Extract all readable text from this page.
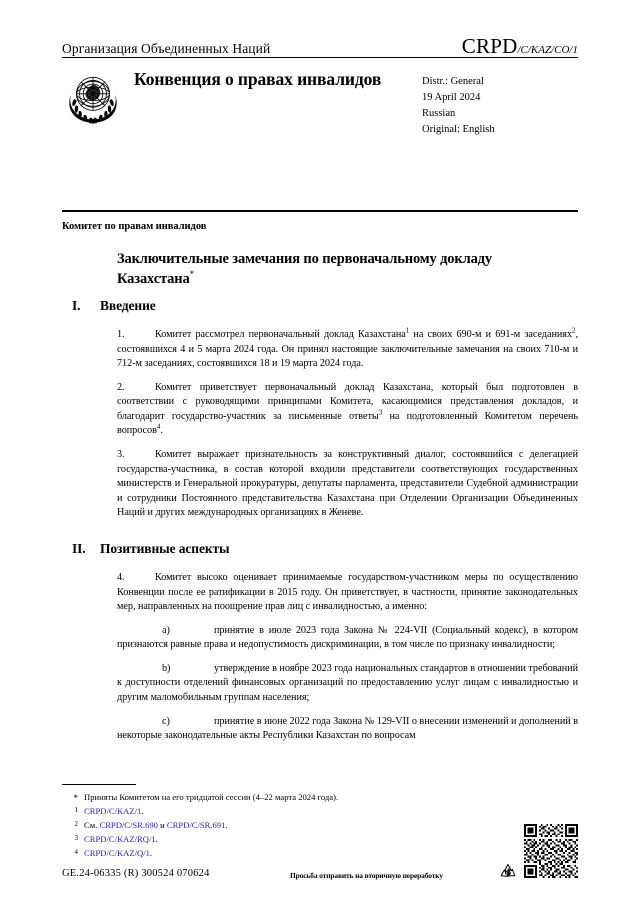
Организация Объединенных Наций	CRPD/C/KAZ/CO/1
Конвенция о правах инвалидов	Distr.: General
19 April 2024
Russian
Original: English
Комитет по правам инвалидов
Заключительные замечания по первоначальному докладу Казахстана*
I.	Введение

1.	Комитет рассмотрел первоначальный доклад Казахстана$^1$ на своих 690-м и 691-м заседаниях$^2$, состоявшихся 4 и 5 марта 2024 года. Он принял настоящие заключительные замечания на своих 710-м и 712-м заседаниях, состоявшихся 18 и 19 марта 2024 года.

2.	Комитет приветствует первоначальный доклад Казахстана, который был подготовлен в соответствии с руководящими принципами Комитета, касающимися представления докладов, и благодарит государство-участник за письменные ответы$^3$ на подготовленный Комитетом перечень вопросов$^4$.

3.	Комитет выражает признательность за конструктивный диалог, состоявшийся с делегацией государства-участника, в состав которой входили представители соответствующих государственных министерств и Генеральной прокуратуры, депутаты парламента, представители Судебной администрации и сотрудники Постоянного представительства Казахстана при Отделении Организации Объединенных Наций и других международных организациях в Женеве.

II.	Позитивные аспекты

4.	Комитет высоко оценивает принимаемые государством-участником меры по осуществлению Конвенции после ее ратификации в 2015 году. Он приветствует, в частности, принятие законодательных мер, направленных на поощрение прав лиц с инвалидностью, а именно:

a)	принятие в июле 2023 года Закона № 224-VII (Социальный кодекс), в котором признаются равные права и недопустимость дискриминации, в том числе по признаку инвалидности;

b)	утверждение в ноябре 2023 года национальных стандартов в отношении требований к доступности отделений финансовых организаций по предоставлению услуг лицам с инвалидностью и другим маломобильным группам населения;

c)	принятие в июне 2022 года Закона № 129-VII о внесении изменений и дополнений в некоторые законодательные акты Республики Казахстан по вопросам

* Приняты Комитетом на его тридцатой сессии (4–22 марта 2024 года).
1 CRPD/C/KAZ/1.
2 См. CRPD/C/SR.690 и CRPD/C/SR.691.
3 CRPD/C/KAZ/RQ/1.
4 CRPD/C/KAZ/Q/1.
GE.24-06335 (R) 300524 070624	Просьба отправить на вторичную переработку
